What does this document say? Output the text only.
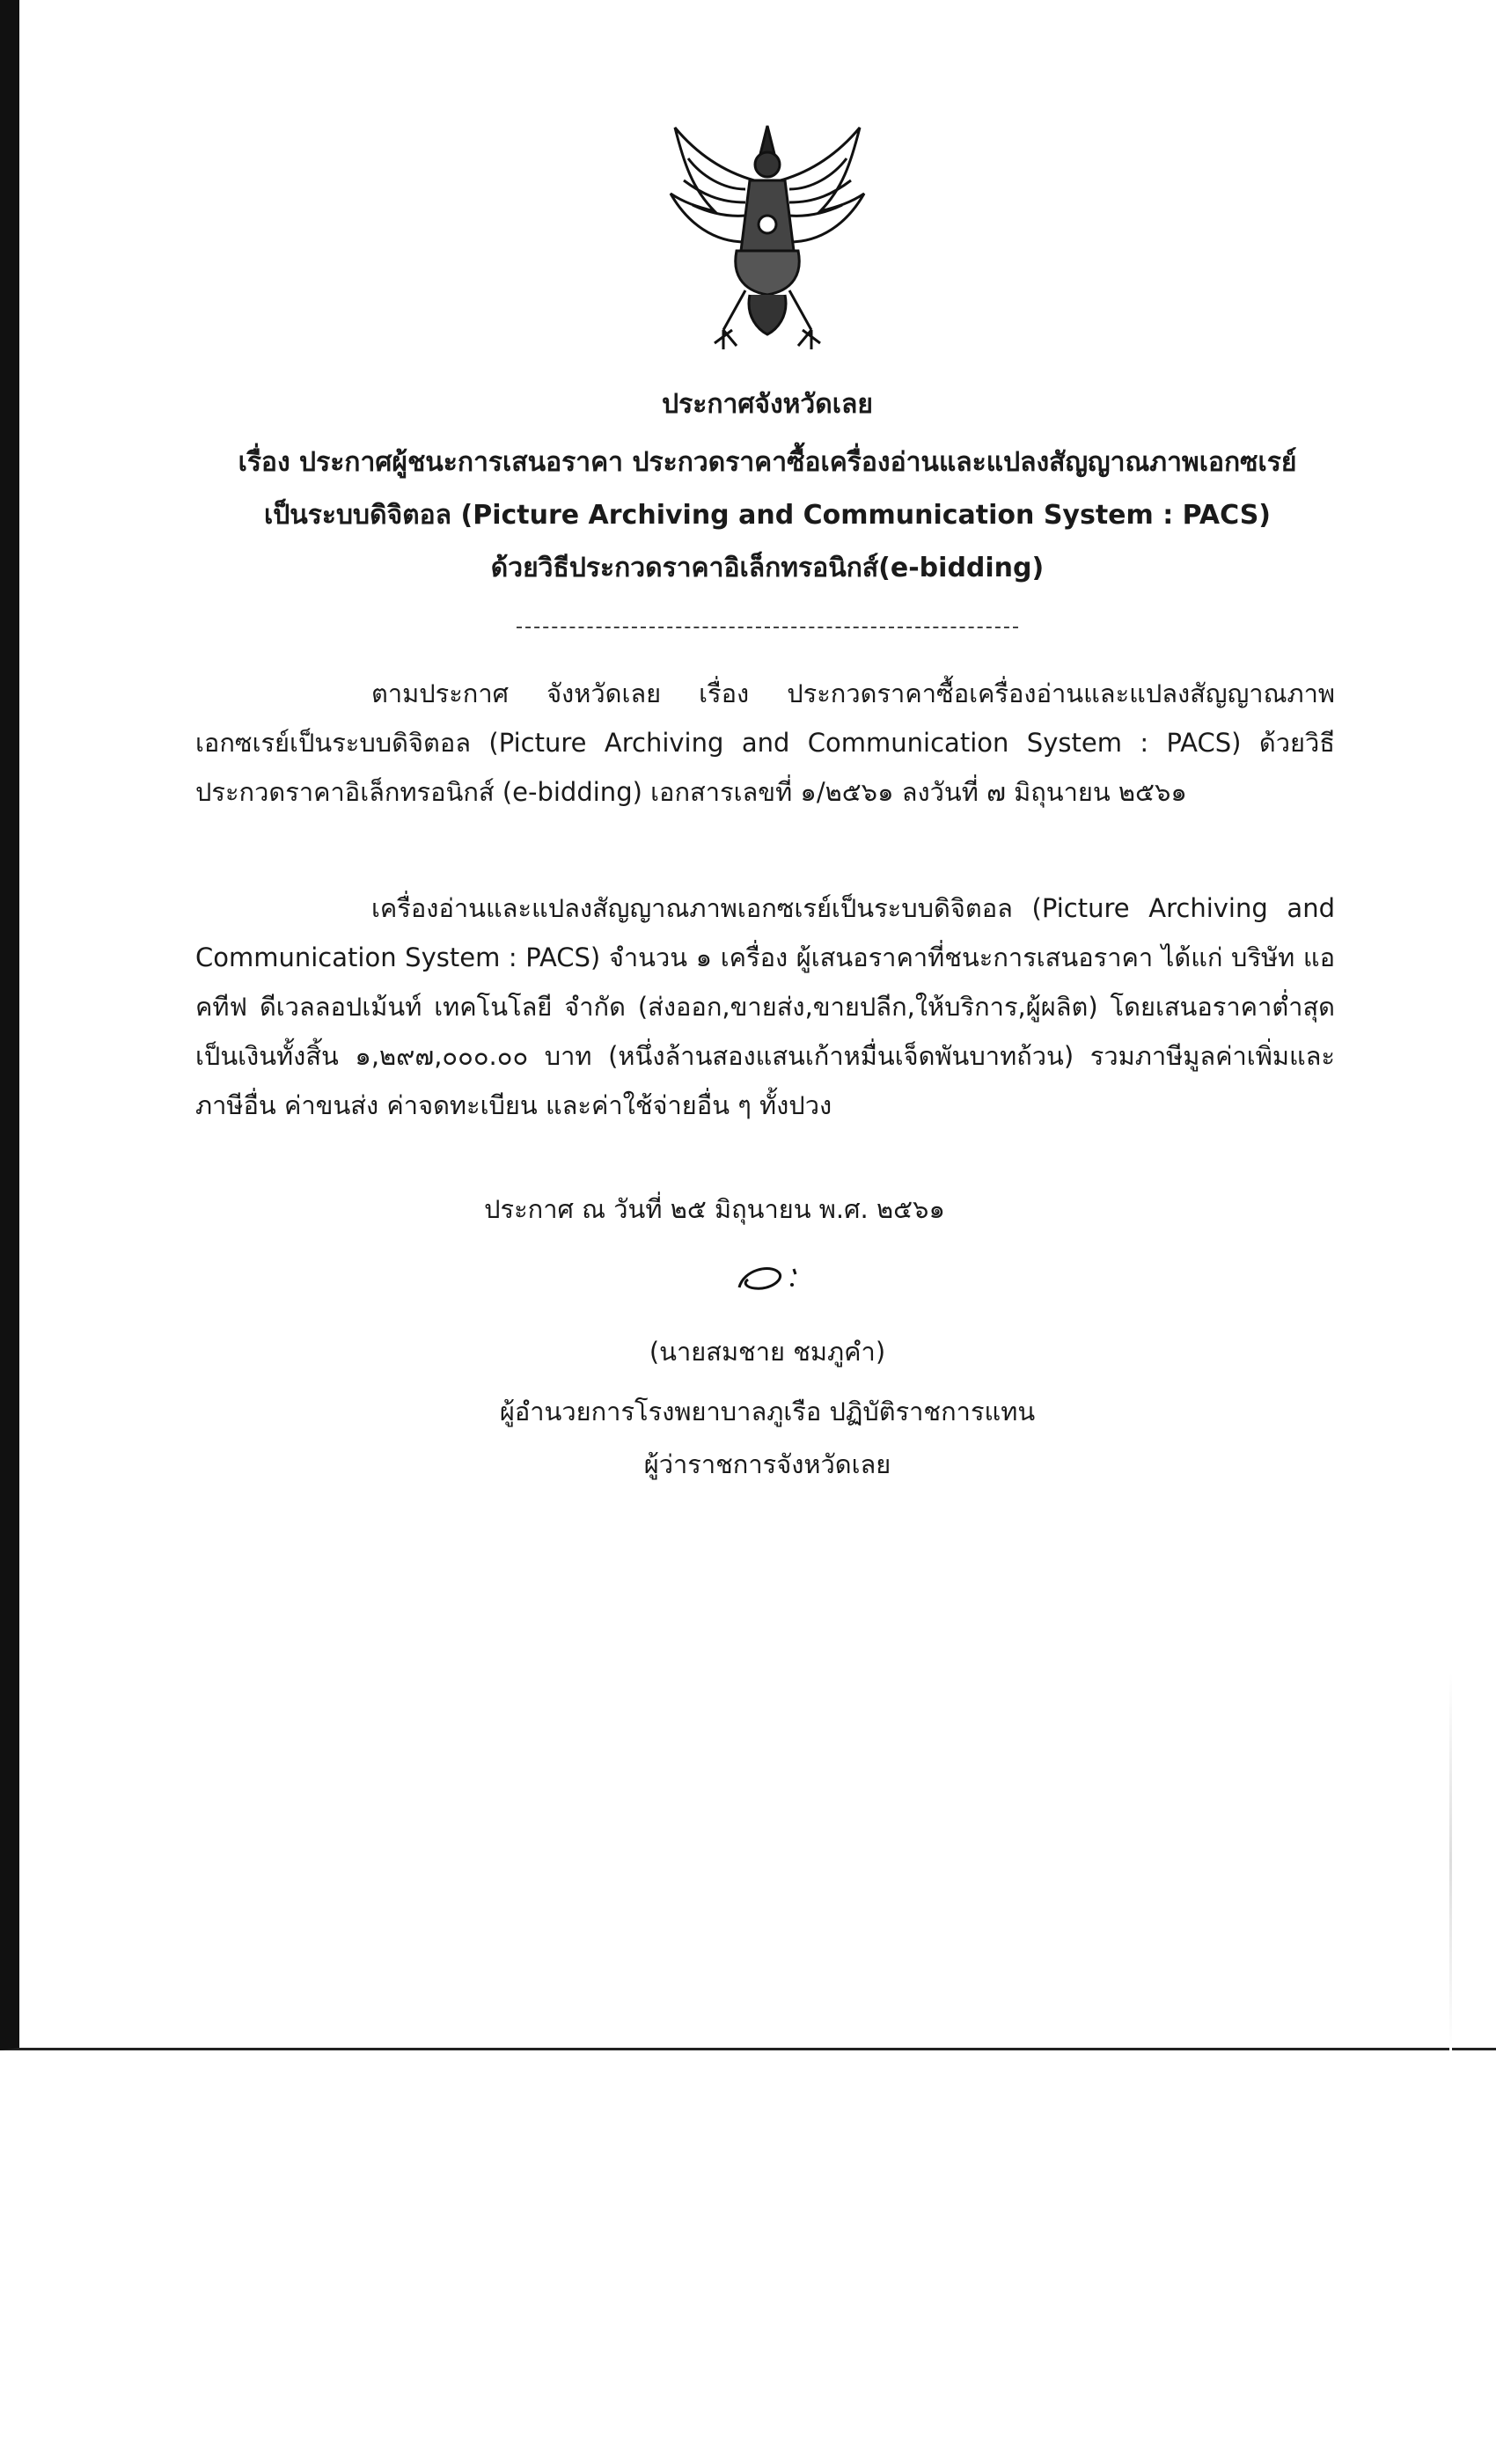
ประกาศจังหวัดเลย
เรื่อง ประกาศผู้ชนะการเสนอราคา ประกวดราคาซื้อเครื่องอ่านและแปลงสัญญาณภาพเอกซเรย์
เป็นระบบดิจิตอล (Picture Archiving and Communication System : PACS)
ด้วยวิธีประกวดราคาอิเล็กทรอนิกส์(e-bidding)
ตามประกาศ จังหวัดเลย เรื่อง ประกวดราคาซื้อเครื่องอ่านและแปลงสัญญาณภาพเอกซเรย์เป็นระบบดิจิตอล (Picture Archiving and Communication System : PACS) ด้วยวิธีประกวดราคาอิเล็กทรอนิกส์ (e-bidding) เอกสารเลขที่ ๑/๒๕๖๑ ลงวันที่ ๗ มิถุนายน ๒๕๖๑
เครื่องอ่านและแปลงสัญญาณภาพเอกซเรย์เป็นระบบดิจิตอล (Picture Archiving and Communication System : PACS) จำนวน ๑ เครื่อง ผู้เสนอราคาที่ชนะการเสนอราคา ได้แก่ บริษัท แอคทีฟ ดีเวลลอปเม้นท์ เทคโนโลยี จำกัด (ส่งออก,ขายส่ง,ขายปลีก,ให้บริการ,ผู้ผลิต) โดยเสนอราคาต่ำสุด เป็นเงินทั้งสิ้น ๑,๒๙๗,๐๐๐.๐๐ บาท (หนึ่งล้านสองแสนเก้าหมื่นเจ็ดพันบาทถ้วน) รวมภาษีมูลค่าเพิ่มและภาษีอื่น ค่าขนส่ง ค่าจดทะเบียน และค่าใช้จ่ายอื่น ๆ ทั้งปวง
ประกาศ ณ วันที่ ๒๕ มิถุนายน พ.ศ. ๒๕๖๑
(นายสมชาย ชมภูคำ)
ผู้อำนวยการโรงพยาบาลภูเรือ ปฏิบัติราชการแทน
ผู้ว่าราชการจังหวัดเลย
